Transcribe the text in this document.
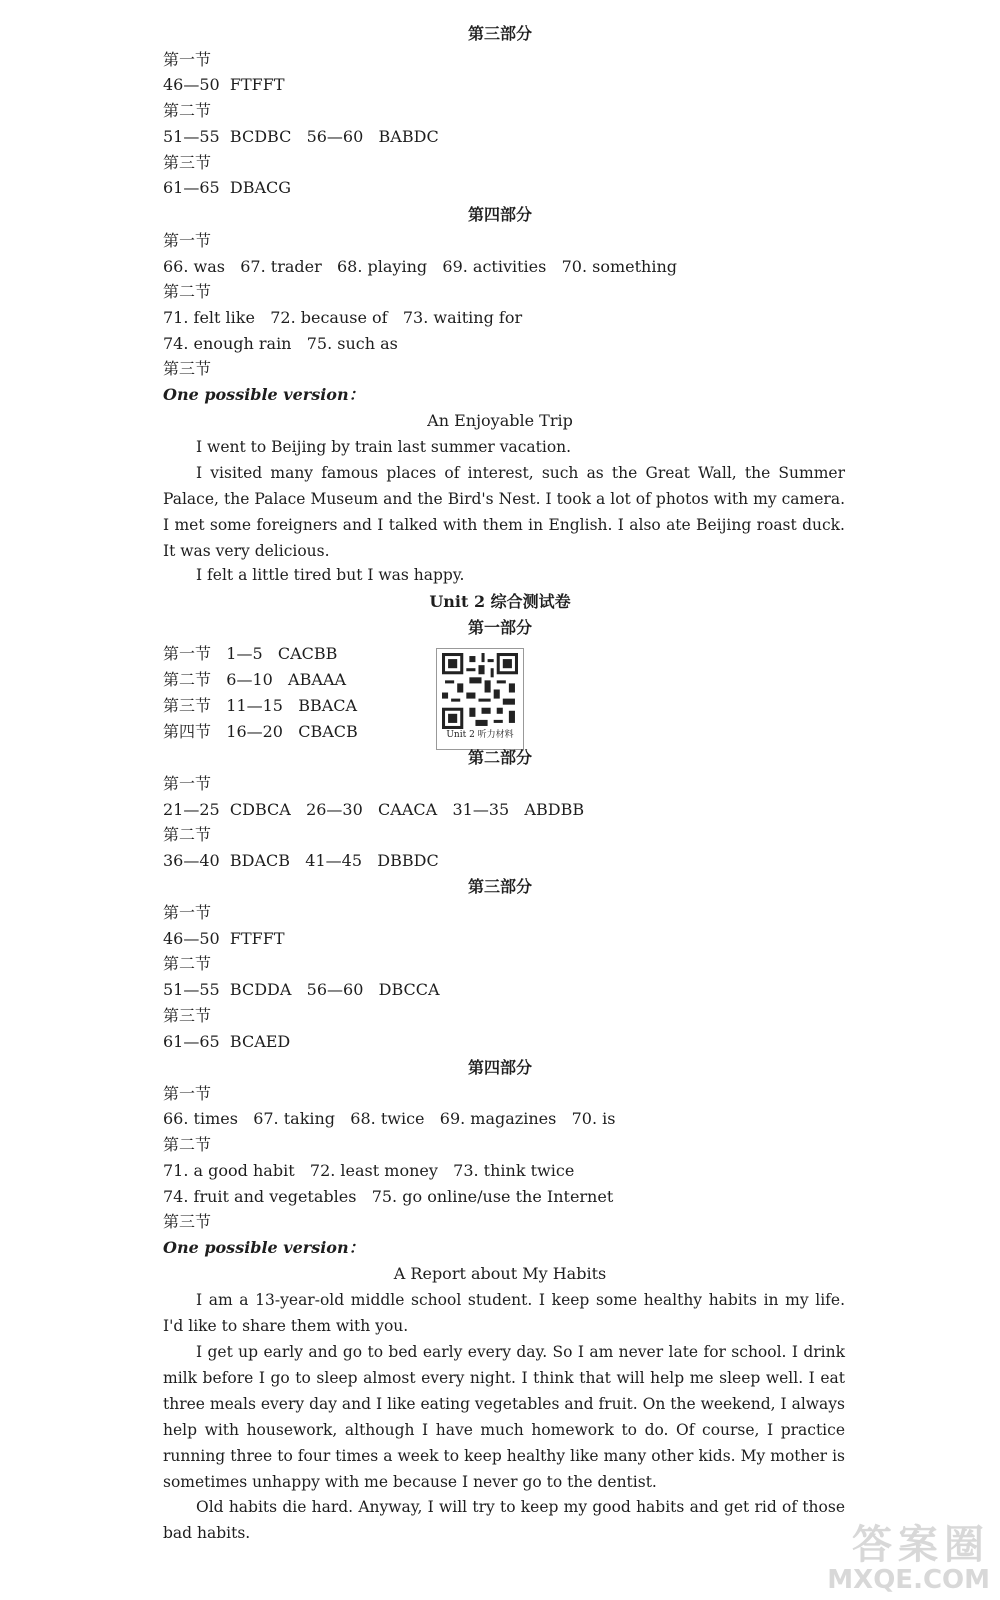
第三部分
第一节
46—50  FTFFT
第二节
51—55  BCDBC   56—60   BABDC
第三节
61—65  DBACG
第四部分
第一节
66. was   67. trader   68. playing   69. activities   70. something
第二节
71. felt like   72. because of   73. waiting for
74. enough rain   75. such as
第三节
One possible version：
An Enjoyable Trip
I went to Beijing by train last summer vacation.
I visited many famous places of interest, such as the Great Wall, the Summer Palace, the Palace Museum and the Bird's Nest. I took a lot of photos with my camera. I met some foreigners and I talked with them in English. I also ate Beijing roast duck. It was very delicious.
I felt a little tired but I was happy.
Unit 2 综合测试卷
第一部分
第一节   1—5   CACBB
第二节   6—10   ABAAA
第三节   11—15   BBACA
第四节   16—20   CBACB	Unit 2 听力材料
第二部分
第一节
21—25  CDBCA   26—30   CAACA   31—35   ABDBB
第二节
36—40  BDACB   41—45   DBBDC
第三部分
第一节
46—50  FTFFT
第二节
51—55  BCDDA   56—60   DBCCA
第三节
61—65  BCAED
第四部分
第一节
66. times   67. taking   68. twice   69. magazines   70. is
第二节
71. a good habit   72. least money   73. think twice
74. fruit and vegetables   75. go online/use the Internet
第三节
One possible version：
A Report about My Habits
I am a 13-year-old middle school student. I keep some healthy habits in my life. I'd like to share them with you.
I get up early and go to bed early every day. So I am never late for school. I drink milk before I go to sleep almost every night. I think that will help me sleep well. I eat three meals every day and I like eating vegetables and fruit. On the weekend, I always help with housework, although I have much homework to do. Of course, I practice running three to four times a week to keep healthy like many other kids. My mother is sometimes unhappy with me because I never go to the dentist.
Old habits die hard. Anyway, I will try to keep my good habits and get rid of those bad habits.	答案圈
MXQE.COM
